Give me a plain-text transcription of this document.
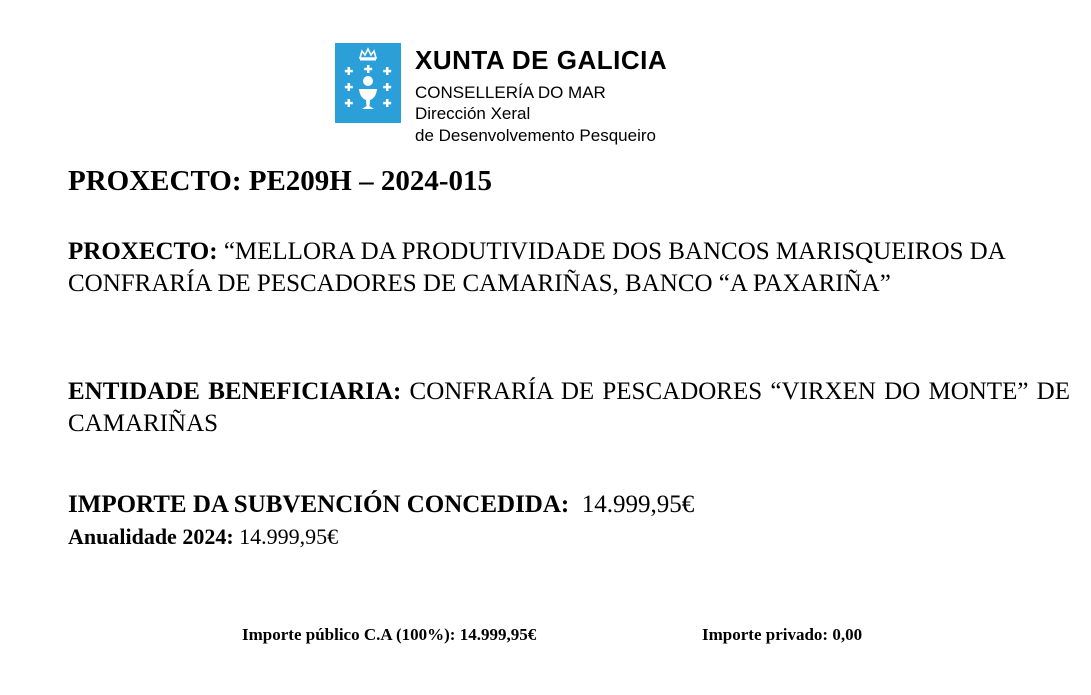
XUNTA DE GALICIA
CONSELLERÍA DO MAR
Dirección Xeral
de Desenvolvemento Pesqueiro
PROXECTO: PE209H – 2024-015

PROXECTO: “MELLORA DA PRODUTIVIDADE DOS BANCOS MARISQUEIROS DA CONFRARÍA DE PESCADORES DE CAMARIÑAS, BANCO “A PAXARIÑA”

ENTIDADE BENEFICIARIA: CONFRARÍA DE PESCADORES “VIRXEN DO MONTE” DE CAMARIÑAS

IMPORTE DA SUBVENCIÓN CONCEDIDA: 14.999,95€

Anualidade 2024: 14.999,95€

Importe público C.A (100%): 14.999,95€	Importe privado: 0,00
